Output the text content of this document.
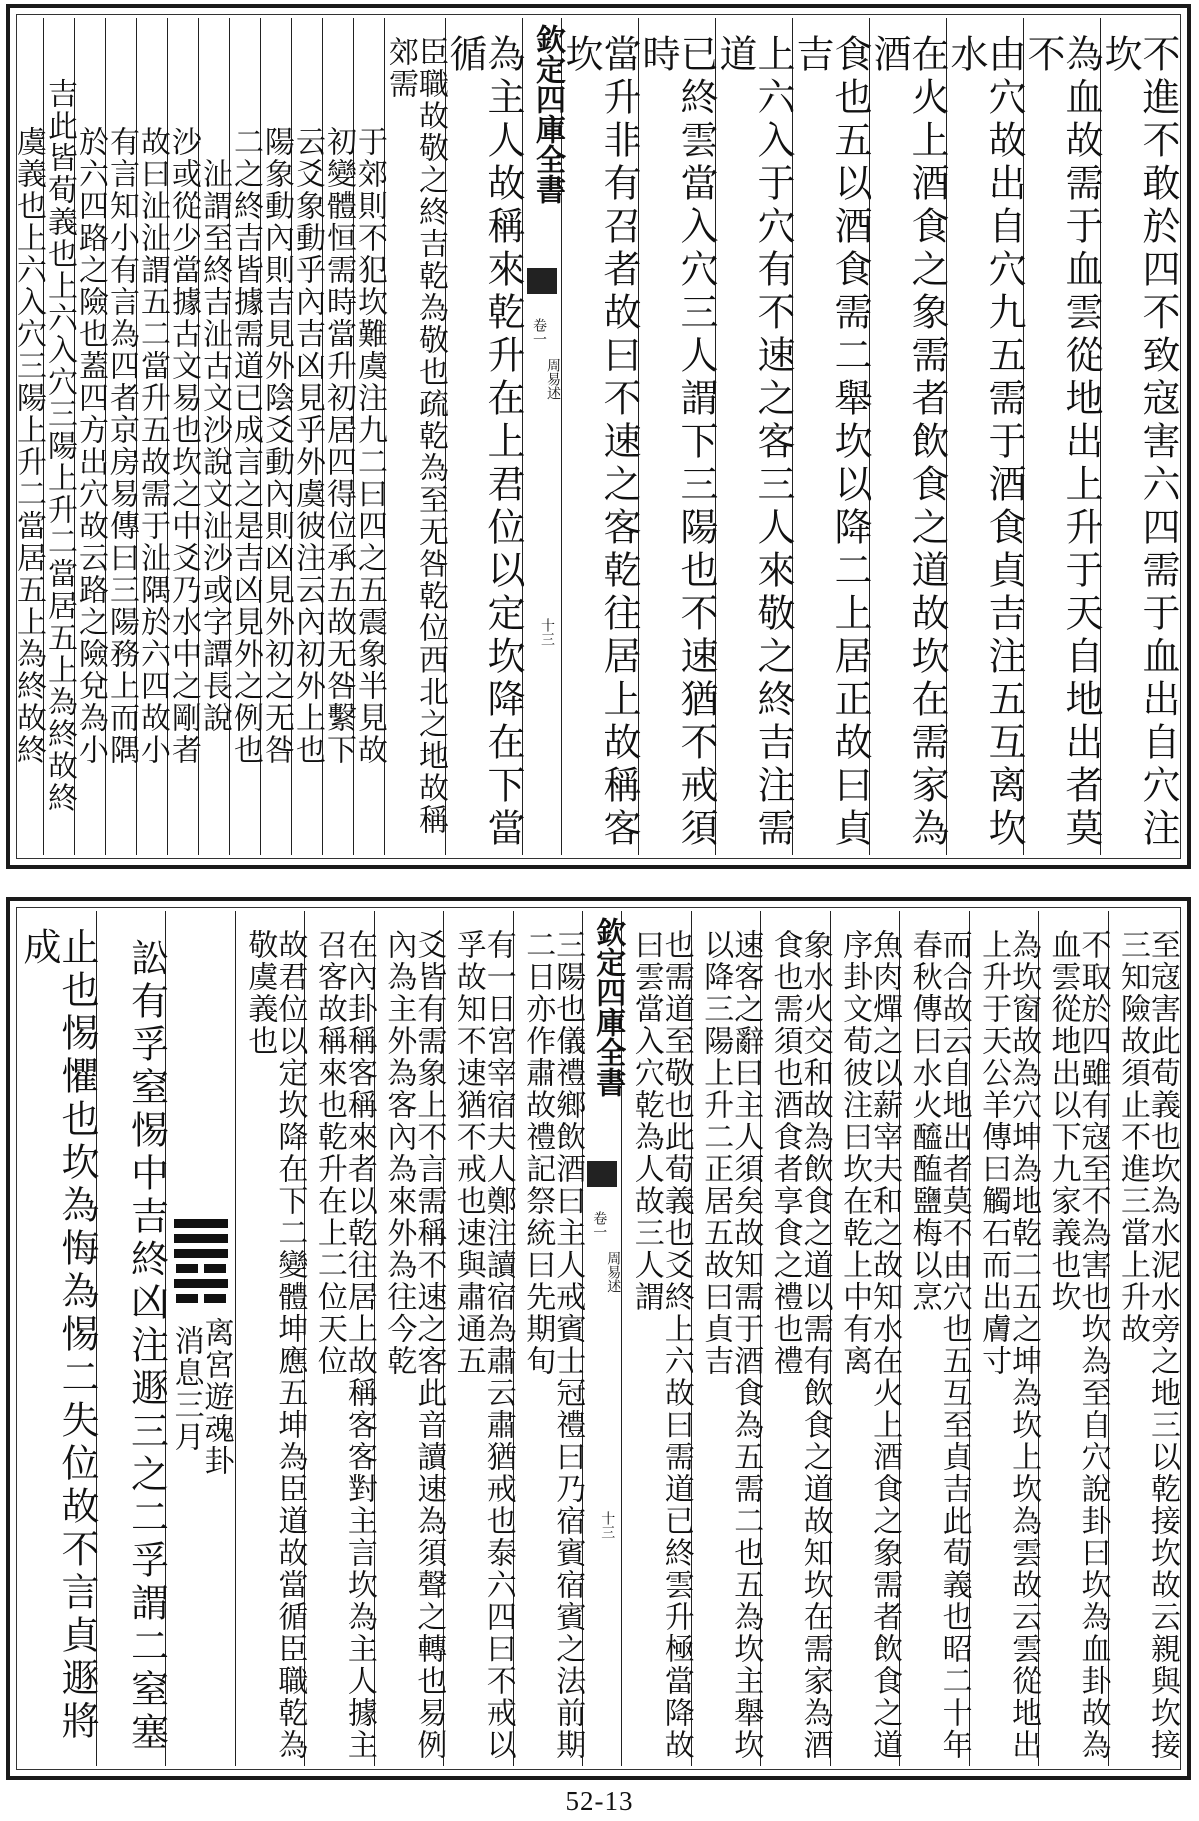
不進不敢於四不致寇害六四需于血出自穴注坎
為血故需于血雲從地出上升于天自地出者莫不
由穴故出自穴九五需于酒食貞吉注五互离坎水
在火上酒食之象需者飲食之道故坎在需家為酒
食也五以酒食需二舉坎以降二上居正故曰貞吉
上六入于穴有不速之客三人來敬之終吉注需道
已終雲當入穴三人謂下三陽也不速猶不戒須時
當升非有召者故曰不速之客乾往居上故稱客坎
欽定四庫全書
卷一
周易述
十三
為主人故稱來乾升在上君位以定坎降在下當循
臣職故敬之終吉乾為敬也疏乾為至无咎乾位西北之地故稱郊需
于郊則不犯坎難虞注九二曰四之五震象半見故
初變體恒需時當升初居四得位承五故无咎繫下
云爻象動乎內吉凶見乎外虞彼注云內初外上也
陽象動內則吉見外陰爻動內則凶見外初之无咎
二之終吉皆據需道已成言之是吉凶見外之例也
沚謂至終吉沚古文沙說文沚沙或字譚長說
沙或從少當據古文易也坎之中爻乃水中之剛者
故曰沚沚謂五二當升五故需于沚隅於六四故小
有言知小有言為四者京房易傳曰三陽務上而隅
於六四路之險也蓋四方出穴故云路之險兌為小
吉此皆荀義也上六入穴三陽上升二當居五上為終故終
虞義也上六入穴三陽上升二當居五上為終故終
至寇害此荀義也坎為水泥水旁之地三以乾接坎故云親與坎接三知險故須止不進三當上升故
不取於四雖有寇至不為害也坎為至自穴說卦曰坎為血卦故為血雲從地出以下九家義也坎
為坎窗故為穴坤為地乾二五之坤為坎上坎為雲故云雲從地出上升于天公羊傳曰觸石而出膚寸
而合故云自地出者莫不由穴也五互至貞吉此荀義也昭二十年春秋傳曰水火醯醢鹽梅以烹
魚肉燀之以薪宰夫和之故知水在火上酒食之象需者飲食之道序卦文荀彼注曰坎在乾上中有离
象水火交和故為飲食之道以需有飲食之道故知坎在需家為酒食也需須也酒食者享食之禮也禮
速客之辭曰主人須矣故知需于酒食為五需二也五為坎主舉坎以降三陽上升二正居五故曰貞吉
也需道至敬也此荀義也爻終上六故曰需道已終雲升極當降故曰雲當入穴乾為人故三人謂
欽定四庫全書
卷一
周易述
十三
三陽也儀禮鄉飲酒曰主人戒賓士冠禮曰乃宿賓宿賓之法前期二日亦作肅故禮記祭統曰先期旬
有一日宮宰宿夫人鄭注讀宿為肅云肅猶戒也泰六四曰不戒以孚故知不速猶不戒也速與肅通五
爻皆有需象上不言需稱不速之客此音讀速為須聲之轉也易例內為主外為客內為來外為往今乾
在內卦稱客稱來者以乾往居上故稱客客對主言坎為主人據主召客故稱來也乾升在上二位天位
故君位以定坎降在下二變體坤應五坤為臣道故當循臣職乾為敬虞義也
离宮遊魂卦
消息三月
訟有孚窒惕中吉終凶注遯三之二孚謂二窒塞
止也惕懼也坎為悔為惕二失位故不言貞遯將成
52-13
